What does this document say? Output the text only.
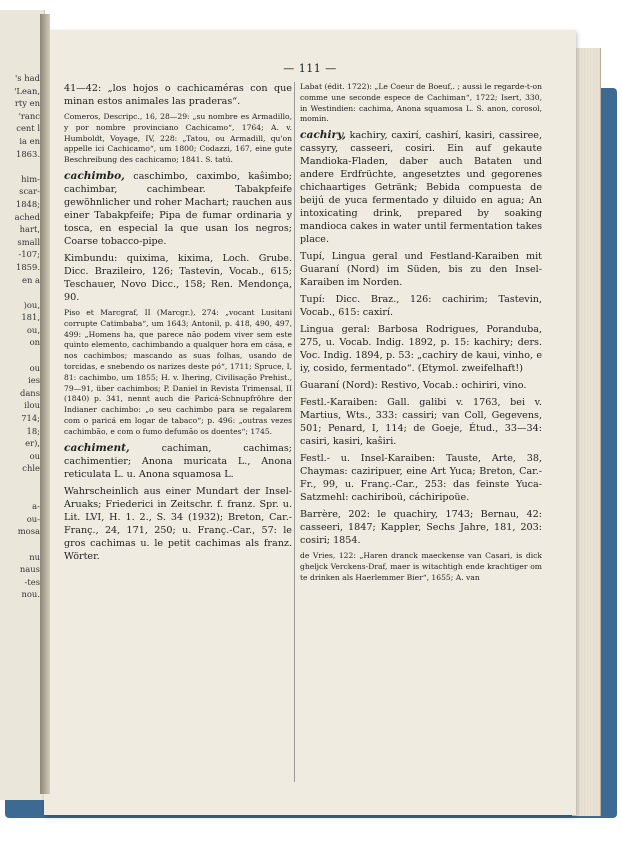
's had
'Lean,
rty en
'ranc
cent l
ia en
1863.

him-
scar-
1848;
ached
hart,
small
-107;
1859.
en a

)ou,
181,
ou,
on

ou
ies
dans
ilou
714;
18;
er),
ou
chle

a-
ou-
mosa

nu
naus
-tes
nou.

— 111 —
41—42: „los hojos o cachicaméras con que minan estos animales las praderas“.
Comeros, Descripc., 16, 28—29: „su nombre es Armadillo, y por nombre provinciano Cachicamo“, 1764; A. v. Humboldt, Voyage, IV, 228: „Tatou, ou Armadill, qu'on appelle ici Cachicamo“, um 1800; Codazzi, 167, eine gute Beschreibung des cachicamo; 1841. S. tatú.
cachimbo, caschimbo, caximbo, kaŝimbo; cachimbar, cachimbear. Tabakpfeife gewöhnlicher und roher Machart; rauchen aus einer Tabakpfeife; Pipa de fumar ordinaria y tosca, en especial la que usan los negros; Coarse tobacco-pipe.
Kimbundu: quixima, kixima, Loch. Grube. Dicc. Brazileiro, 126; Tastevin, Vocab., 615; Teschauer, Novo Dicc., 158; Ren. Mendonça, 90.
Piso et Marcgraf, II (Marcgr.), 274: „vocant Lusitani corrupte Catimbaba“, um 1643; Antonil, p. 418, 490, 497, 499: „Homens ha, que parece não podem viver sem este quinto elemento, cachimbando a qualquer hora em cása, e nos cachimbos; mascando as suas folhas, usando de torcidas, e snebendo os narizes deste pó“, 1711; Spruce, I, 81: cachimbo, um 1855; H. v. Ihering, Civilisação Prehist., 79—91, über cachimbos; P. Daniel in Revista Trimensal, II (1840) p. 341, nennt auch die Paricá-Schnupfröhre der Indianer cachimbo: „o seu cachimbo para se regalarem com o paricá em logar de tabaco“; p. 496: „outras vezes cachimbão, e com o fumo defumão os doentes“; 1745.
cachiment, cachiman, cachimas; cachimentier; Anona muricata L., Anona reticulata L. u. Anona squamosa L.
Wahrscheinlich aus einer Mundart der Insel-Aruaks; Friederici in Zeitschr. f. franz. Spr. u. Lit. LVI, H. 1. 2., S. 34 (1932); Breton, Car.-Franç., 24, 171, 250; u. Franç.-Car., 57: le gros cachimas u. le petit cachimas als franz. Wörter.
Labat (édit. 1722): „Le Coeur de Boeuf,. ; aussi le regarde-t-on comme une seconde espece de Cachiman“, 1722; Isert, 330, in Westindien: cachima, Anona squamosa L. S. anon, corosol, momin.
cachiry, kachiry, caxirí, cashirí, kasiri, cassiree, cassyry, casseeri, cosiri. Ein auf gekaute Mandioka-Fladen, daber auch Bataten und andere Erdfrüchte, angesetztes und gegorenes chichaartiges Getränk; Bebida compuesta de beijú de yuca fermentado y diluido en agua; An intoxicating drink, prepared by soaking mandioca cakes in water until fermentation takes place.
Tupí, Lingua geral und Festland-Karaiben mit Guaraní (Nord) im Süden, bis zu den Insel-Karaiben im Norden.
Tupí: Dicc. Braz., 126: cachirim; Tastevin, Vocab., 615: caxirí.
Lingua geral: Barbosa Rodrigues, Poranduba, 275, u. Vocab. Indig. 1892, p. 15: kachiry; ders. Voc. Indig. 1894, p. 53: „cachiry de kaui, vinho, e iy, cosido, fermentado“. (Etymol. zweifelhaft!)
Guaraní (Nord): Restivo, Vocab.: ochiriri, vino.
Festl.-Karaiben: Gall. galibi v. 1763, bei v. Martius, Wts., 333: cassiri; van Coll, Gegevens, 501; Penard, I, 114; de Goeje, Étud., 33—34: casiri, kasiri, kaŝiri.
Festl.- u. Insel-Karaiben: Tauste, Arte, 38, Chaymas: caziripuer, eine Art Yuca; Breton, Car.-Fr., 99, u. Franç.-Car., 253: das feinste Yuca-Satzmehl: cachiriboü, cáchiripoüe.
Barrère, 202: le quachiry, 1743; Bernau, 42: casseeri, 1847; Kappler, Sechs Jahre, 181, 203: cosiri; 1854.
de Vries, 122: „Haren dranck maeckense van Casari, is dick gheljck Verckens-Draf, maer is witachtigh ende krachtiger om te drinken als Haerlemmer Bier“, 1655; A. van
